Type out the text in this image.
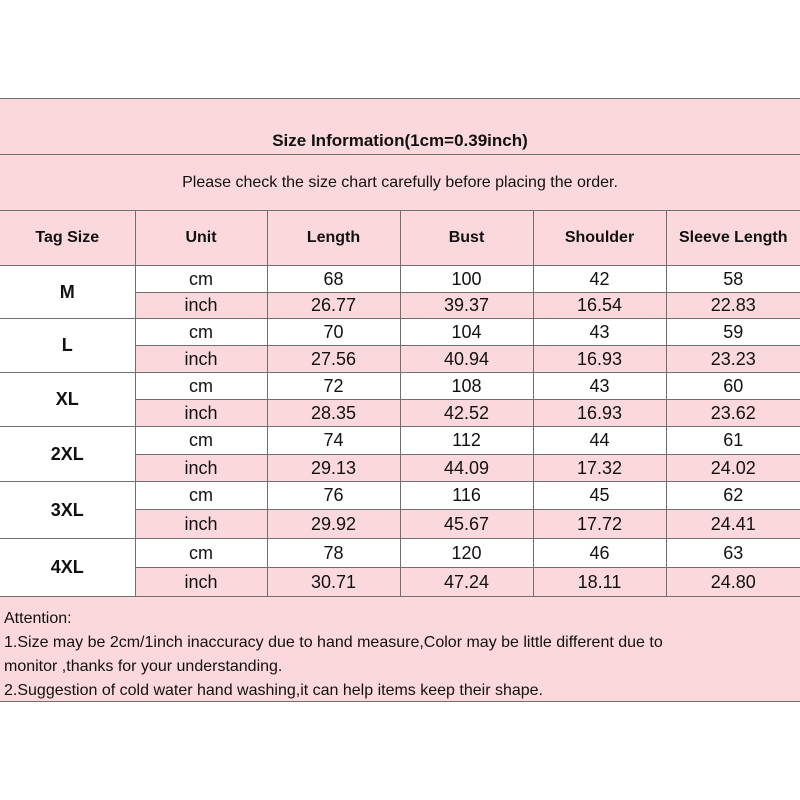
Size Information(1cm=0.39inch)
Please check the size chart carefully before placing the order.
Tag Size	Unit	Length	Bust	Shoulder	Sleeve Length
M	cm	68	100	42	58
	inch	26.77	39.37	16.54	22.83
L	cm	70	104	43	59
	inch	27.56	40.94	16.93	23.23
XL	cm	72	108	43	60
	inch	28.35	42.52	16.93	23.62
2XL	cm	74	112	44	61
	inch	29.13	44.09	17.32	24.02
3XL	cm	76	116	45	62
	inch	29.92	45.67	17.72	24.41
4XL	cm	78	120	46	63
	inch	30.71	47.24	18.11	24.80
Attention:
1.Size may be 2cm/1inch inaccuracy due to hand measure,Color may be little different due to
monitor ,thanks for your understanding.
2.Suggestion of cold water hand washing,it can help items keep their shape.
